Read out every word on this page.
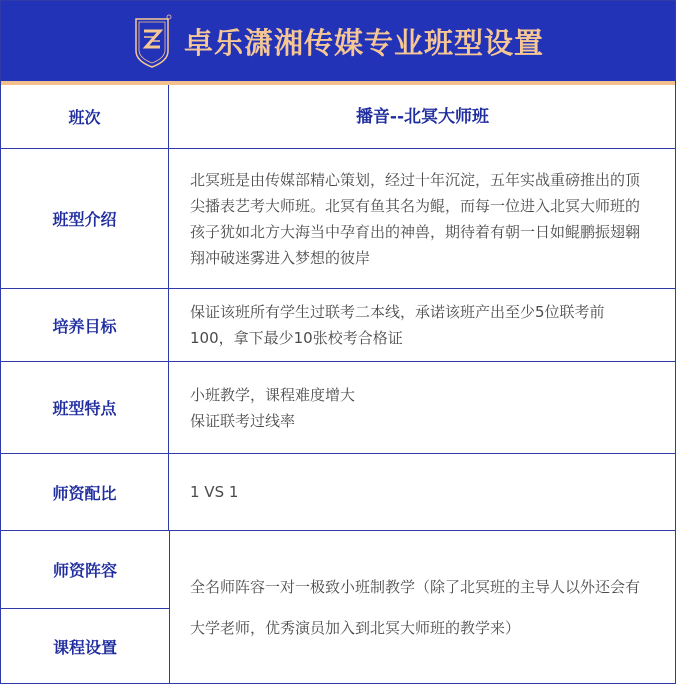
卓乐潇湘传媒专业班型设置
班次	播音--北冥大师班
班型介绍

北冥班是由传媒部精心策划，经过十年沉淀，五年实战重磅推出的顶

尖播表艺考大师班。北冥有鱼其名为鲲，而每一位进入北冥大师班的

孩子犹如北方大海当中孕育出的神兽，期待着有朝一日如鲲鹏振翅翱

翔冲破迷雾进入梦想的彼岸

培养目标

保证该班所有学生过联考二本线，承诺该班产出至少5位联考前

100，拿下最少10张校考合格证

班型特点

小班教学，课程难度增大

保证联考过线率

师资配比	1 VS 1

师资阵容
课程设置

全名师阵容一对一极致小班制教学（除了北冥班的主导人以外还会有

大学老师，优秀演员加入到北冥大师班的教学来）
